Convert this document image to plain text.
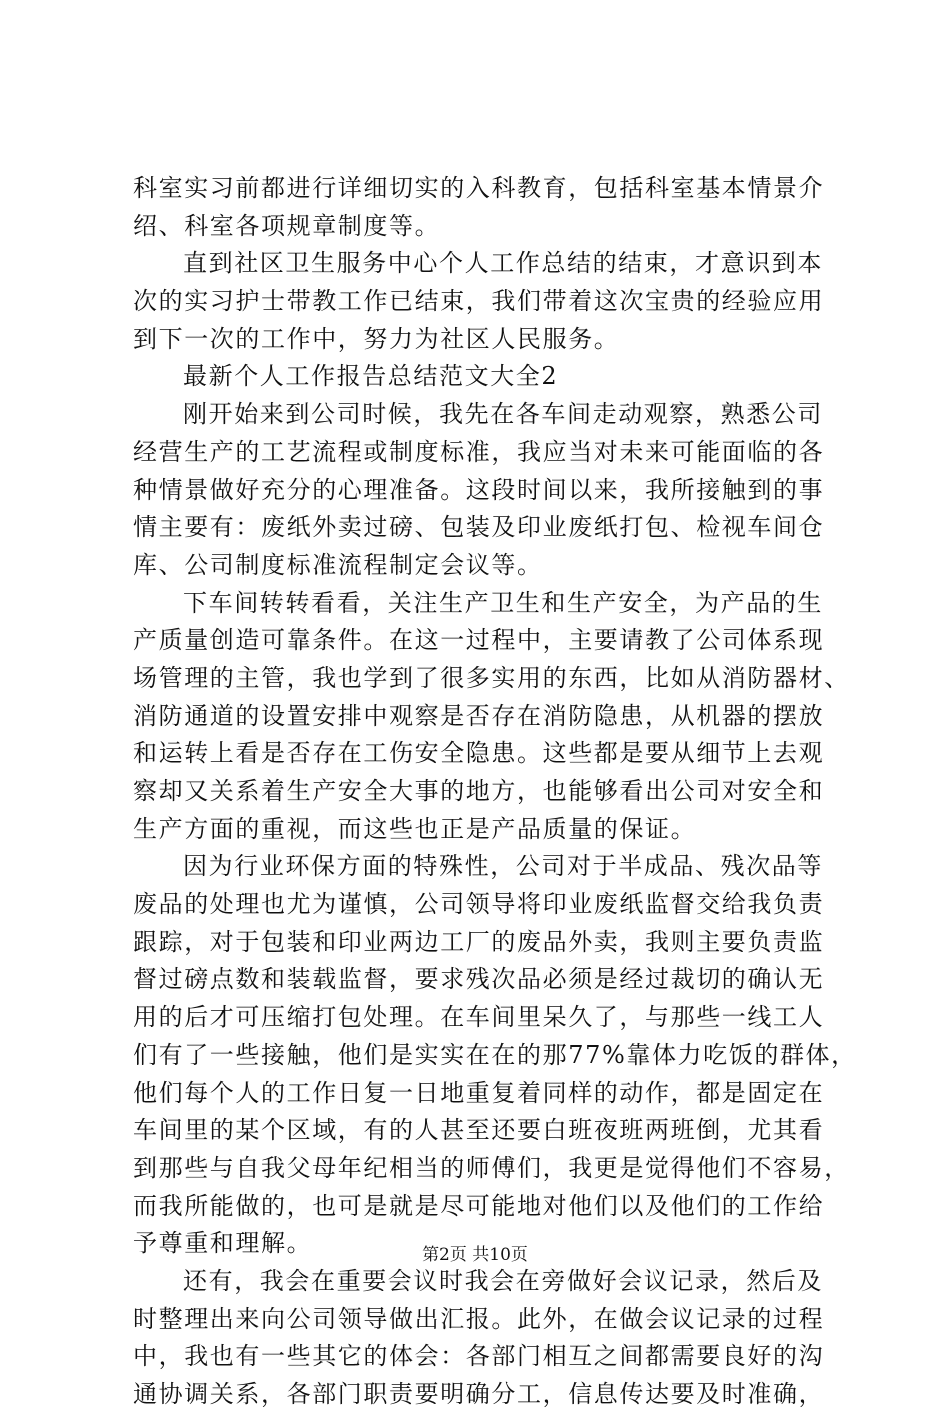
科室实习前都进行详细切实的入科教育，包括科室基本情景介
绍、科室各项规章制度等。
直到社区卫生服务中心个人工作总结的结束，才意识到本
次的实习护士带教工作已结束，我们带着这次宝贵的经验应用
到下一次的工作中，努力为社区人民服务。
最新个人工作报告总结范文大全2
刚开始来到公司时候，我先在各车间走动观察，熟悉公司
经营生产的工艺流程或制度标准，我应当对未来可能面临的各
种情景做好充分的心理准备。这段时间以来，我所接触到的事
情主要有：废纸外卖过磅、包装及印业废纸打包、检视车间仓
库、公司制度标准流程制定会议等。
下车间转转看看，关注生产卫生和生产安全，为产品的生
产质量创造可靠条件。在这一过程中，主要请教了公司体系现
场管理的主管，我也学到了很多实用的东西，比如从消防器材、
消防通道的设置安排中观察是否存在消防隐患，从机器的摆放
和运转上看是否存在工伤安全隐患。这些都是要从细节上去观
察却又关系着生产安全大事的地方，也能够看出公司对安全和
生产方面的重视，而这些也正是产品质量的保证。
因为行业环保方面的特殊性，公司对于半成品、残次品等
废品的处理也尤为谨慎，公司领导将印业废纸监督交给我负责
跟踪，对于包装和印业两边工厂的废品外卖，我则主要负责监
督过磅点数和装载监督，要求残次品必须是经过裁切的确认无
用的后才可压缩打包处理。在车间里呆久了，与那些一线工人
们有了一些接触，他们是实实在在的那77%靠体力吃饭的群体，
他们每个人的工作日复一日地重复着同样的动作，都是固定在
车间里的某个区域，有的人甚至还要白班夜班两班倒，尤其看
到那些与自我父母年纪相当的师傅们，我更是觉得他们不容易，
而我所能做的，也可是就是尽可能地对他们以及他们的工作给
予尊重和理解。
还有，我会在重要会议时我会在旁做好会议记录，然后及
时整理出来向公司领导做出汇报。此外，在做会议记录的过程
中，我也有一些其它的体会：各部门相互之间都需要良好的沟
通协调关系，各部门职责要明确分工，信息传达要及时准确，
第2页 共10页
